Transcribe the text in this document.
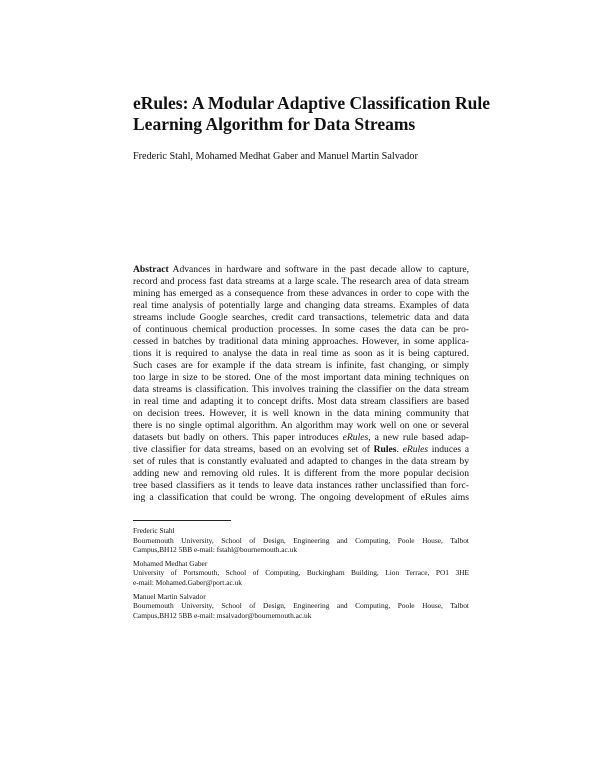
eRules: A Modular Adaptive Classification Rule
Learning Algorithm for Data Streams
Frederic Stahl, Mohamed Medhat Gaber and Manuel Martin Salvador
Abstract Advances in hardware and software in the past decade allow to capture,
record and process fast data streams at a large scale. The research area of data stream
mining has emerged as a consequence from these advances in order to cope with the
real time analysis of potentially large and changing data streams. Examples of data
streams include Google searches, credit card transactions, telemetric data and data
of continuous chemical production processes. In some cases the data can be pro-
cessed in batches by traditional data mining approaches. However, in some applica-
tions it is required to analyse the data in real time as soon as it is being captured.
Such cases are for example if the data stream is infinite, fast changing, or simply
too large in size to be stored. One of the most important data mining techniques on
data streams is classification. This involves training the classifier on the data stream
in real time and adapting it to concept drifts. Most data stream classifiers are based
on decision trees. However, it is well known in the data mining community that
there is no single optimal algorithm. An algorithm may work well on one or several
datasets but badly on others. This paper introduces eRules, a new rule based adap-
tive classifier for data streams, based on an evolving set of Rules. eRules induces a
set of rules that is constantly evaluated and adapted to changes in the data stream by
adding new and removing old rules. It is different from the more popular decision
tree based classifiers as it tends to leave data instances rather unclassified than forc-
ing a classification that could be wrong. The ongoing development of eRules aims
Frederic Stahl
Bournemouth University, School of Design, Engineering and Computing, Poole House, Talbot
Campus,BH12 5BB e-mail: fstahl@bournemouth.ac.uk
Mohamed Medhat Gaber
University of Portsmouth, School of Computing, Buckingham Building, Lion Terrace, PO1 3HE
e-mail: Mohamed.Gaber@port.ac.uk
Manuel Martin Salvador
Bournemouth University, School of Design, Engineering and Computing, Poole House, Talbot
Campus,BH12 5BB e-mail: msalvador@bournemouth.ac.uk
